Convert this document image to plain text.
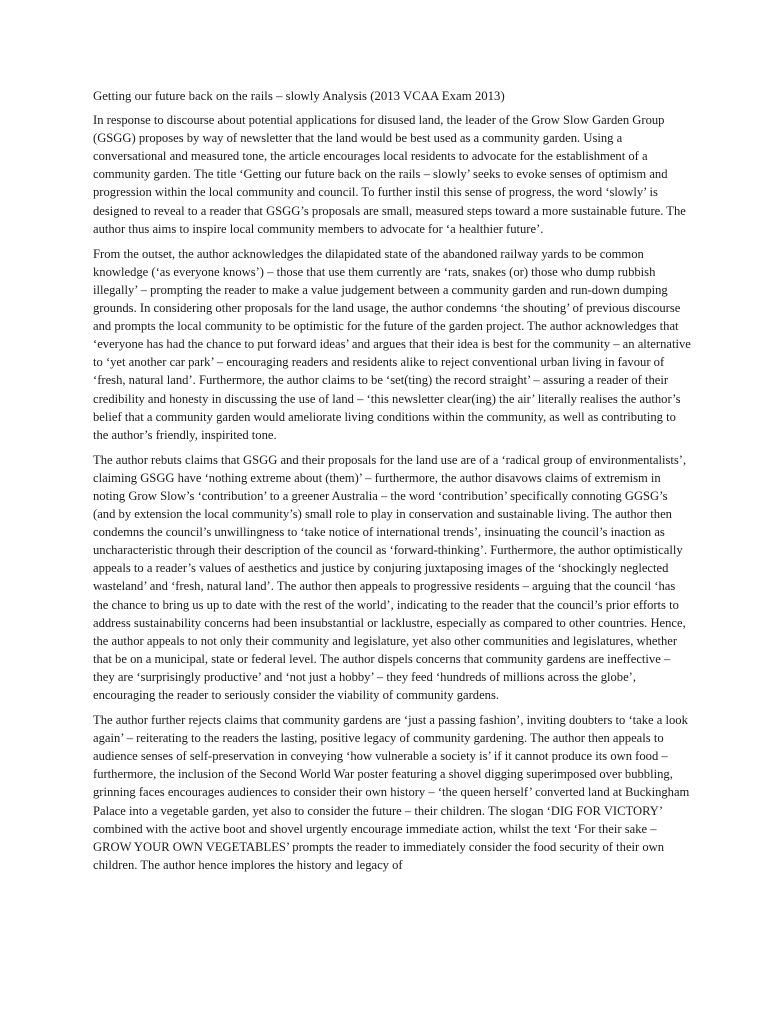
Getting our future back on the rails – slowly Analysis (2013 VCAA Exam 2013)

In response to discourse about potential applications for disused land, the leader of the Grow Slow Garden Group (GSGG) proposes by way of newsletter that the land would be best used as a community garden. Using a conversational and measured tone, the article encourages local residents to advocate for the establishment of a community garden. The title ‘Getting our future back on the rails – slowly’ seeks to evoke senses of optimism and progression within the local community and council. To further instil this sense of progress, the word ‘slowly’ is designed to reveal to a reader that GSGG’s proposals are small, measured steps toward a more sustainable future. The author thus aims to inspire local community members to advocate for ‘a healthier future’.

From the outset, the author acknowledges the dilapidated state of the abandoned railway yards to be common knowledge (‘as everyone knows’) – those that use them currently are ‘rats, snakes (or) those who dump rubbish illegally’ – prompting the reader to make a value judgement between a community garden and run-down dumping grounds. In considering other proposals for the land usage, the author condemns ‘the shouting’ of previous discourse and prompts the local community to be optimistic for the future of the garden project. The author acknowledges that ‘everyone has had the chance to put forward ideas’ and argues that their idea is best for the community – an alternative to ‘yet another car park’ – encouraging readers and residents alike to reject conventional urban living in favour of ‘fresh, natural land’. Furthermore, the author claims to be ‘set(ting) the record straight’ – assuring a reader of their credibility and honesty in discussing the use of land – ‘this newsletter clear(ing) the air’ literally realises the author’s belief that a community garden would ameliorate living conditions within the community, as well as contributing to the author’s friendly, inspirited tone.

The author rebuts claims that GSGG and their proposals for the land use are of a ‘radical group of environmentalists’, claiming GSGG have ‘nothing extreme about (them)’ – furthermore, the author disavows claims of extremism in noting Grow Slow’s ‘contribution’ to a greener Australia – the word ‘contribution’ specifically connoting GGSG’s (and by extension the local community’s) small role to play in conservation and sustainable living. The author then condemns the council’s unwillingness to ‘take notice of international trends’, insinuating the council’s inaction as uncharacteristic through their description of the council as ‘forward-thinking’. Furthermore, the author optimistically appeals to a reader’s values of aesthetics and justice by conjuring juxtaposing images of the ‘shockingly neglected wasteland’ and ‘fresh, natural land’. The author then appeals to progressive residents – arguing that the council ‘has the chance to bring us up to date with the rest of the world’, indicating to the reader that the council’s prior efforts to address sustainability concerns had been insubstantial or lacklustre, especially as compared to other countries. Hence, the author appeals to not only their community and legislature, yet also other communities and legislatures, whether that be on a municipal, state or federal level. The author dispels concerns that community gardens are ineffective – they are ‘surprisingly productive’ and ‘not just a hobby’ – they feed ‘hundreds of millions across the globe’, encouraging the reader to seriously consider the viability of community gardens.

The author further rejects claims that community gardens are ‘just a passing fashion’, inviting doubters to ‘take a look again’ – reiterating to the readers the lasting, positive legacy of community gardening. The author then appeals to audience senses of self-preservation in conveying ‘how vulnerable a society is’ if it cannot produce its own food – furthermore, the inclusion of the Second World War poster featuring a shovel digging superimposed over bubbling, grinning faces encourages audiences to consider their own history – ‘the queen herself’ converted land at Buckingham Palace into a vegetable garden, yet also to consider the future – their children. The slogan ‘DIG FOR VICTORY’ combined with the active boot and shovel urgently encourage immediate action, whilst the text ‘For their sake – GROW YOUR OWN VEGETABLES’ prompts the reader to immediately consider the food security of their own children. The author hence implores the history and legacy of
